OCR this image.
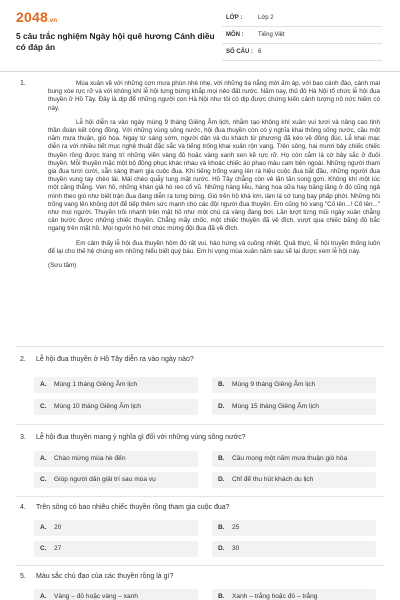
2048.vn
5 câu trắc nghiệm Ngày hội quê hương Cánh diều có đáp án
LỚP :	Lớp 2
MÔN : Tiếng Việt
SỐ CÂU : 6
1.	Mùa xuân về với những cơn mưa phùn nhè nhẹ, với những tia nắng mới ấm áp, với bao cánh đào, cánh mai bung xòe rực rỡ và với không khí lễ hội tưng bừng khắp mọi nẻo đất nước. Năm nay, thủ đô Hà Nội tổ chức lễ hội đua thuyền ở Hồ Tây. Đây là dịp để những người con Hà Nội như tôi có dịp được chứng kiến cảnh tượng nô nức hiếm có này.

Lễ hội diễn ra vào ngày mùng 9 tháng Giêng Âm lịch, nhằm tạo không khí xuân vui tươi và nâng cao tinh thần đoàn kết cộng đồng. Với những vùng sông nước, hội đua thuyền còn có ý nghĩa khai thông sông nước, cầu một năm mưa thuận, gió hòa. Ngay từ sáng sớm, người dân và du khách từ phương đã kéo về đông đúc. Lễ khai mạc diễn ra với nhiều tiết mục nghệ thuật đặc sắc và tiếng trống khai xuân rộn vang. Trên sông, hai mươi bảy chiếc chiếc thuyền rồng được trang trí những viền vàng đỏ hoặc vàng xanh xen kẽ rực rỡ. Họ còn cắm lá cờ bảy sắc ở đuôi thuyền. Mỗi thuyền mặc một bộ đồng phục khác nhau và khoác chiếc áo phao màu cam bên ngoài. Những người tham gia đua tươi cười, sẵn sàng tham gia cuộc đua. Khi tiếng trống vang lên rá hiệu cuộc đua bắt đầu, những người đua thuyền vung tay chèo lái. Mái chèo quẫy tung mặt nước. Hồ Tây chẳng còn vẻ lặn tăn song gợn. Không khí một lúc một căng thẳng. Ven hồ, những khán giả hò reo cổ vũ. Những hàng liễu, hàng hoa sữa hay băng lăng ở đó cũng ngả mình theo gió như biết trận đua đang diễn ra tưng bừng. Gió trên hồ khá lớn, làm lá cờ tung bay phấp phới. Những hồi trống vang lên không dứt để tiếp thêm sức mạnh cho các đội người đua thuyền. Em cũng hò vang "Cố lên...! Cố lên..." như mọi người. Thuyền trôi nhanh trên mặt hồ như một chú cá vàng đang bơi. Lần lượt từng mũi ngày xuân chẳng cản bước được những chiếc thuyền. Chẳng mấy chốc, một chiếc thuyền đã về đích, vượt qua chiếc băng đỏ bắc ngang trên mặt hồ. Mọi người hò hét chúc mừng đội đua đã về đích.

Em cảm thấy lễ hội đua thuyền hôm đó rất vui, hào hứng và cuồng nhiệt. Quả thực, lễ hội truyền thống luôn để lại cho thế hệ chúng em những hiểu biết quý báu. Em hi vọng mùa xuân năm sau sẽ lại được xem lễ hội này.

(Sưu tầm)

2. Lễ hội đua thuyền ở Hồ Tây diễn ra vào ngày nào?
A. Mùng 1 tháng Giêng Âm lịch	B. Mùng 9 tháng Giêng Âm lịch
C. Mùng 10 tháng Giêng Âm lịch	D. Mùng 15 tháng Giêng Âm lịch
3. Lễ hội đua thuyền mang ý nghĩa gì đối với những vùng sông nước?
A. Chào mừng mùa hè đến	B. Cầu mong một năm mưa thuận gió hòa
C. Giúp người dân giải trí sau mùa vụ	D. Chỉ để thu hút khách du lịch
4. Trên sông có bao nhiêu chiếc thuyền rồng tham gia cuộc đua?
A. 20	B. 25
C. 27	D. 30
5. Màu sắc chủ đạo của các thuyền rồng là gì?
A. Vàng – đỏ hoặc vàng – xanh	B. Xanh – trắng hoặc đỏ – trắng
